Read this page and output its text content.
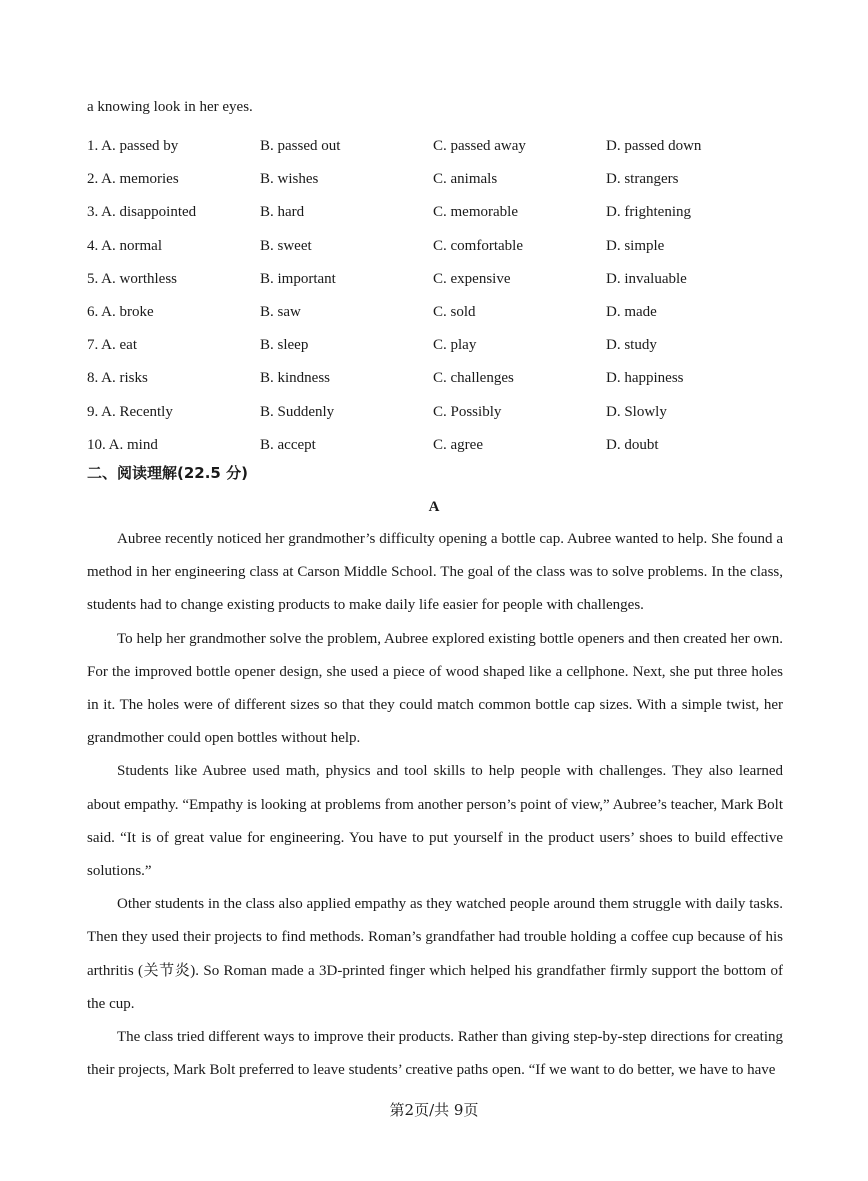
a knowing look in her eyes.
1. A. passed by	B. passed out	C. passed away	D. passed down
2. A. memories	B. wishes	C. animals	D. strangers
3. A. disappointed	B. hard	C. memorable	D. frightening
4. A. normal	B. sweet	C. comfortable	D. simple
5. A. worthless	B. important	C. expensive	D. invaluable
6. A. broke	B. saw	C. sold	D. made
7. A. eat	B. sleep	C. play	D. study
8. A. risks	B. kindness	C. challenges	D. happiness
9. A. Recently	B. Suddenly	C. Possibly	D. Slowly
10. A. mind	B. accept	C. agree	D. doubt
二、阅读理解(22.5 分)
A

Aubree recently noticed her grandmother’s difficulty opening a bottle cap. Aubree wanted to help. She found a method in her engineering class at Carson Middle School. The goal of the class was to solve problems. In the class, students had to change existing products to make daily life easier for people with challenges.

To help her grandmother solve the problem, Aubree explored existing bottle openers and then created her own. For the improved bottle opener design, she used a piece of wood shaped like a cellphone. Next, she put three holes in it. The holes were of different sizes so that they could match common bottle cap sizes. With a simple twist, her grandmother could open bottles without help.

Students like Aubree used math, physics and tool skills to help people with challenges. They also learned about empathy. “Empathy is looking at problems from another person’s point of view,” Aubree’s teacher, Mark Bolt said. “It is of great value for engineering. You have to put yourself in the product users’ shoes to build effective solutions.”

Other students in the class also applied empathy as they watched people around them struggle with daily tasks. Then they used their projects to find methods. Roman’s grandfather had trouble holding a coffee cup because of his arthritis (关节炎). So Roman made a 3D-printed finger which helped his grandfather firmly support the bottom of the cup.

The class tried different ways to improve their products. Rather than giving step-by-step directions for creating their projects, Mark Bolt preferred to leave students’ creative paths open. “If we want to do better, we have to have

第2页/共 9页
